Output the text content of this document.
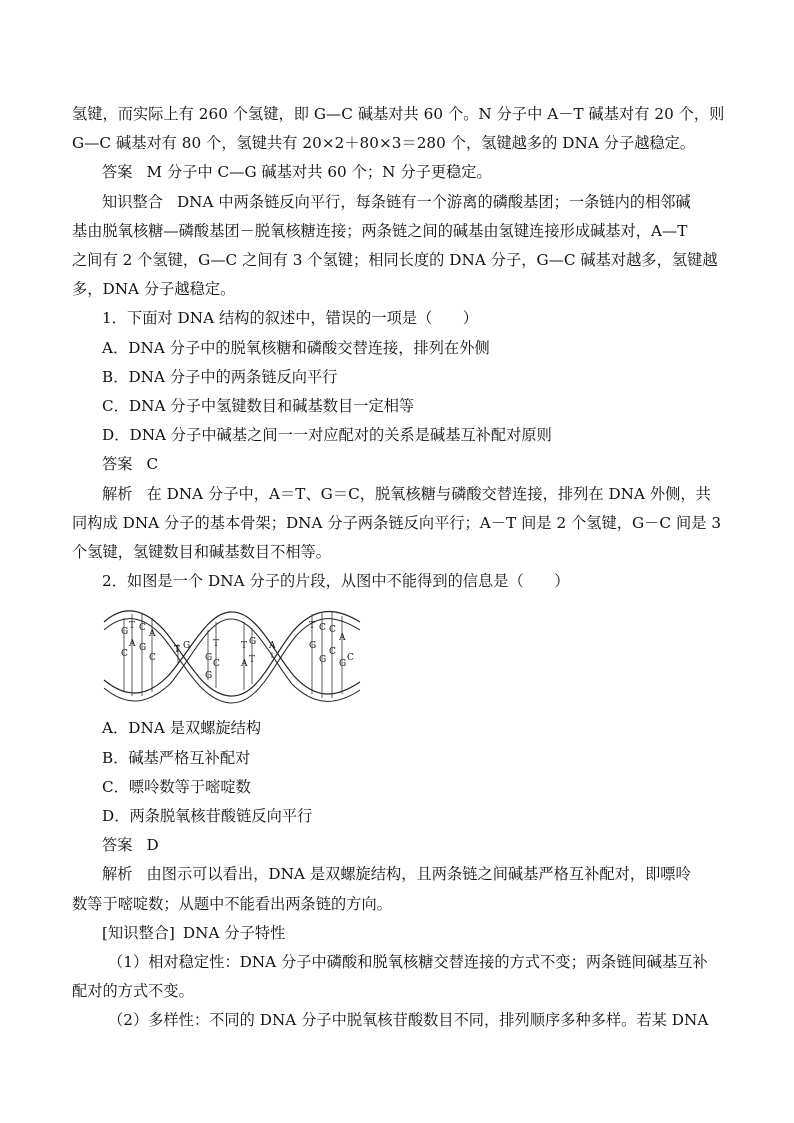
氢键，而实际上有 260 个氢键，即 G—C 碱基对共 60 个。N 分子中 A－T 碱基对有 20 个，则

G—C 碱基对有 80 个，氢键共有 20×2＋80×3＝280 个，氢键越多的 DNA 分子越稳定。

答案 M 分子中 C—G 碱基对共 60 个；N 分子更稳定。

知识整合 DNA 中两条链反向平行，每条链有一个游离的磷酸基团；一条链内的相邻碱

基由脱氧核糖—磷酸基团－脱氧核糖连接；两条链之间的碱基由氢键连接形成碱基对，A—T

之间有 2 个氢键，G—C 之间有 3 个氢键；相同长度的 DNA 分子，G—C 碱基对越多，氢键越

多，DNA 分子越稳定。

1．下面对 DNA 结构的叙述中，错误的一项是（　　）

A．DNA 分子中的脱氧核糖和磷酸交替连接，排列在外侧

B．DNA 分子中的两条链反向平行

C．DNA 分子中氢键数目和碱基数目一定相等

D．DNA 分子中碱基之间一一对应配对的关系是碱基互补配对原则

答案 C

解析 在 DNA 分子中，A＝T、G＝C，脱氧核糖与磷酸交替连接，排列在 DNA 外侧，共

同构成 DNA 分子的基本骨架；DNA 分子两条链反向平行；A－T 间是 2 个氢键，G－C 间是 3

个氢键，氢键数目和碱基数目不相等。

2．如图是一个 DNA 分子的片段，从图中不能得到的信息是（　　）

G
C
T
A
C
G
A
C
T G
G
G
T
C
T
A
G
T
A
T
G
C
G
C
C
A
G
C

A．DNA 是双螺旋结构

B．碱基严格互补配对

C．嘌呤数等于嘧啶数

D．两条脱氧核苷酸链反向平行

答案 D

解析 由图示可以看出，DNA 是双螺旋结构，且两条链之间碱基严格互补配对，即嘌呤

数等于嘧啶数；从题中不能看出两条链的方向。

[知识整合] DNA 分子特性

（1）相对稳定性：DNA 分子中磷酸和脱氧核糖交替连接的方式不变；两条链间碱基互补

配对的方式不变。

（2）多样性：不同的 DNA 分子中脱氧核苷酸数目不同，排列顺序多种多样。若某 DNA
